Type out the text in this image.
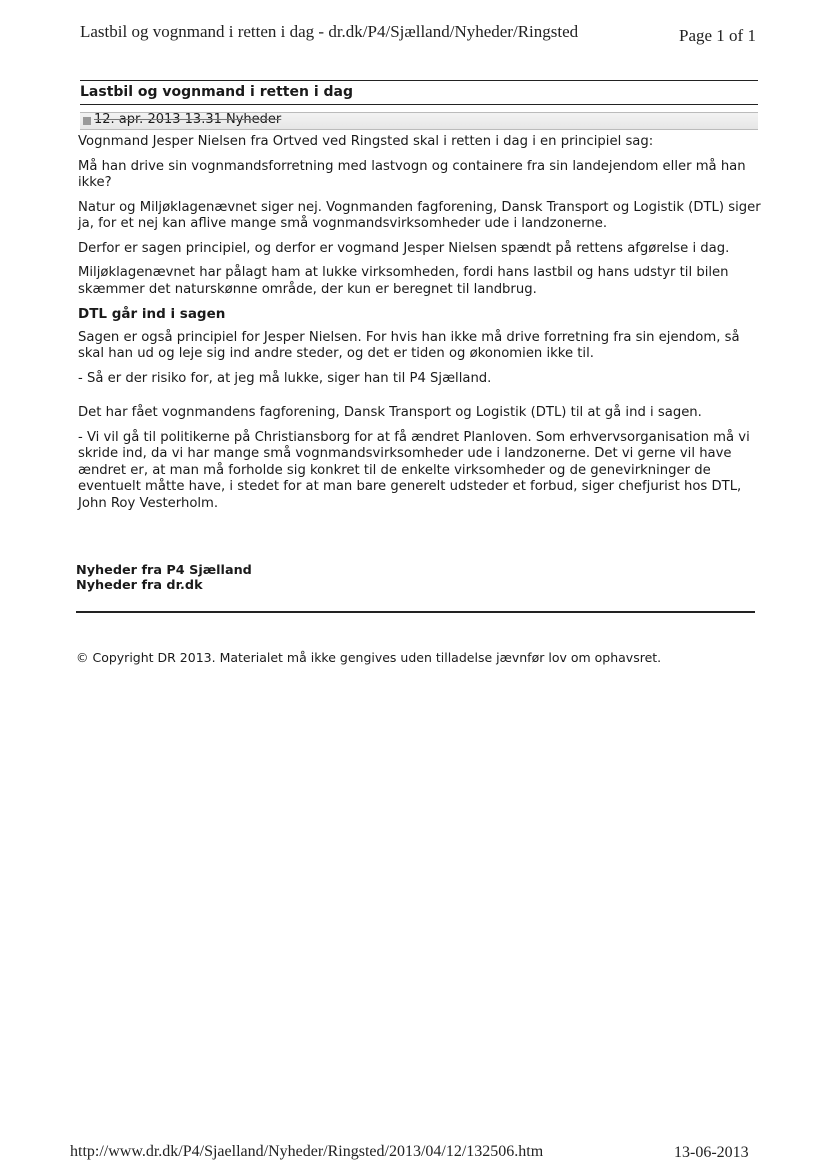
Lastbil og vognmand i retten i dag - dr.dk/P4/Sjælland/Nyheder/Ringsted	Page 1 of 1
Lastbil og vognmand i retten i dag
12. apr. 2013 13.31 Nyheder

Vognmand Jesper Nielsen fra Ortved ved Ringsted skal i retten i dag i en principiel sag:

Må han drive sin vognmandsforretning med lastvogn og containere fra sin landejendom eller må han ikke?

Natur og Miljøklagenævnet siger nej. Vognmanden fagforening, Dansk Transport og Logistik (DTL) siger ja, for et nej kan aflive mange små vognmandsvirksomheder ude i landzonerne.

Derfor er sagen principiel, og derfor er vogmand Jesper Nielsen spændt på rettens afgørelse i dag.

Miljøklagenævnet har pålagt ham at lukke virksomheden, fordi hans lastbil og hans udstyr til bilen skæmmer det naturskønne område, der kun er beregnet til landbrug.

DTL går ind i sagen

Sagen er også principiel for Jesper Nielsen. For hvis han ikke må drive forretning fra sin ejendom, så skal han ud og leje sig ind andre steder, og det er tiden og økonomien ikke til.

- Så er der risiko for, at jeg må lukke, siger han til P4 Sjælland.

Det har fået vognmandens fagforening, Dansk Transport og Logistik (DTL) til at gå ind i sagen.

- Vi vil gå til politikerne på Christiansborg for at få ændret Planloven. Som erhvervsorganisation må vi skride ind, da vi har mange små vognmandsvirksomheder ude i landzonerne. Det vi gerne vil have ændret er, at man må forholde sig konkret til de enkelte virksomheder og de genevirkninger de eventuelt måtte have, i stedet for at man bare generelt udsteder et forbud, siger chefjurist hos DTL, John Roy Vesterholm.

Nyheder fra P4 Sjælland
Nyheder fra dr.dk
© Copyright DR 2013. Materialet må ikke gengives uden tilladelse jævnfør lov om ophavsret.
http://www.dr.dk/P4/Sjaelland/Nyheder/Ringsted/2013/04/12/132506.htm	13-06-2013
